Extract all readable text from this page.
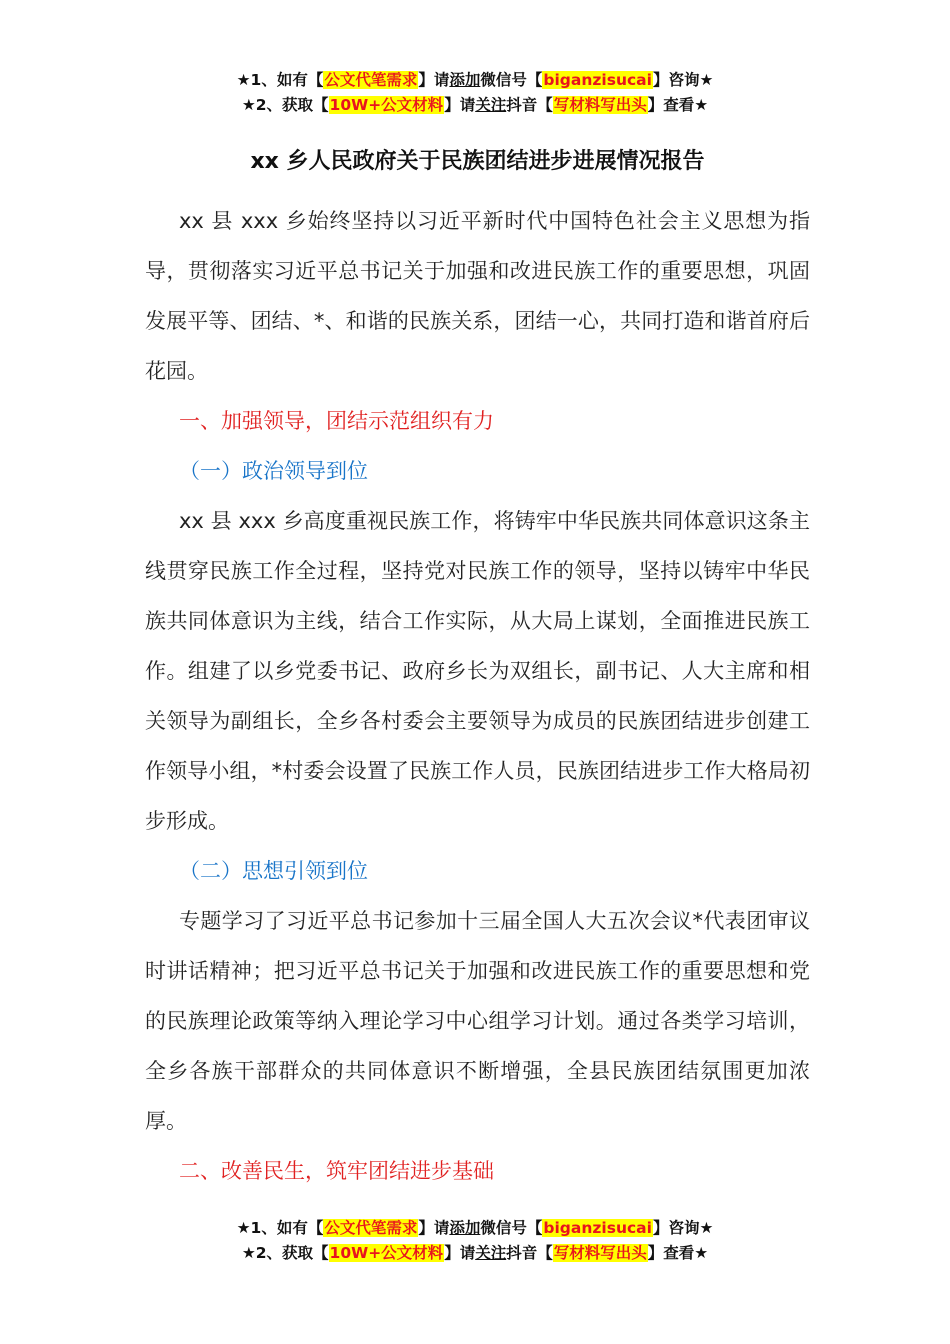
★1、如有【公文代笔需求】请添加微信号【biganzisucai】咨询★
★2、获取【10W+公文材料】请关注抖音【写材料写出头】查看★
xx 乡人民政府关于民族团结进步进展情况报告

xx 县 xxx 乡始终坚持以习近平新时代中国特色社会主义思想为指导，贯彻落实习近平总书记关于加强和改进民族工作的重要思想，巩固发展平等、团结、*、和谐的民族关系，团结一心，共同打造和谐首府后花园。

一、加强领导，团结示范组织有力

（一）政治领导到位

xx 县 xxx 乡高度重视民族工作，将铸牢中华民族共同体意识这条主线贯穿民族工作全过程，坚持党对民族工作的领导，坚持以铸牢中华民族共同体意识为主线，结合工作实际，从大局上谋划，全面推进民族工作。组建了以乡党委书记、政府乡长为双组长，副书记、人大主席和相关领导为副组长，全乡各村委会主要领导为成员的民族团结进步创建工作领导小组，*村委会设置了民族工作人员，民族团结进步工作大格局初步形成。

（二）思想引领到位

专题学习了习近平总书记参加十三届全国人大五次会议*代表团审议时讲话精神；把习近平总书记关于加强和改进民族工作的重要思想和党的民族理论政策等纳入理论学习中心组学习计划。通过各类学习培训，全乡各族干部群众的共同体意识不断增强，全县民族团结氛围更加浓厚。

二、改善民生，筑牢团结进步基础

★1、如有【公文代笔需求】请添加微信号【biganzisucai】咨询★
★2、获取【10W+公文材料】请关注抖音【写材料写出头】查看★
